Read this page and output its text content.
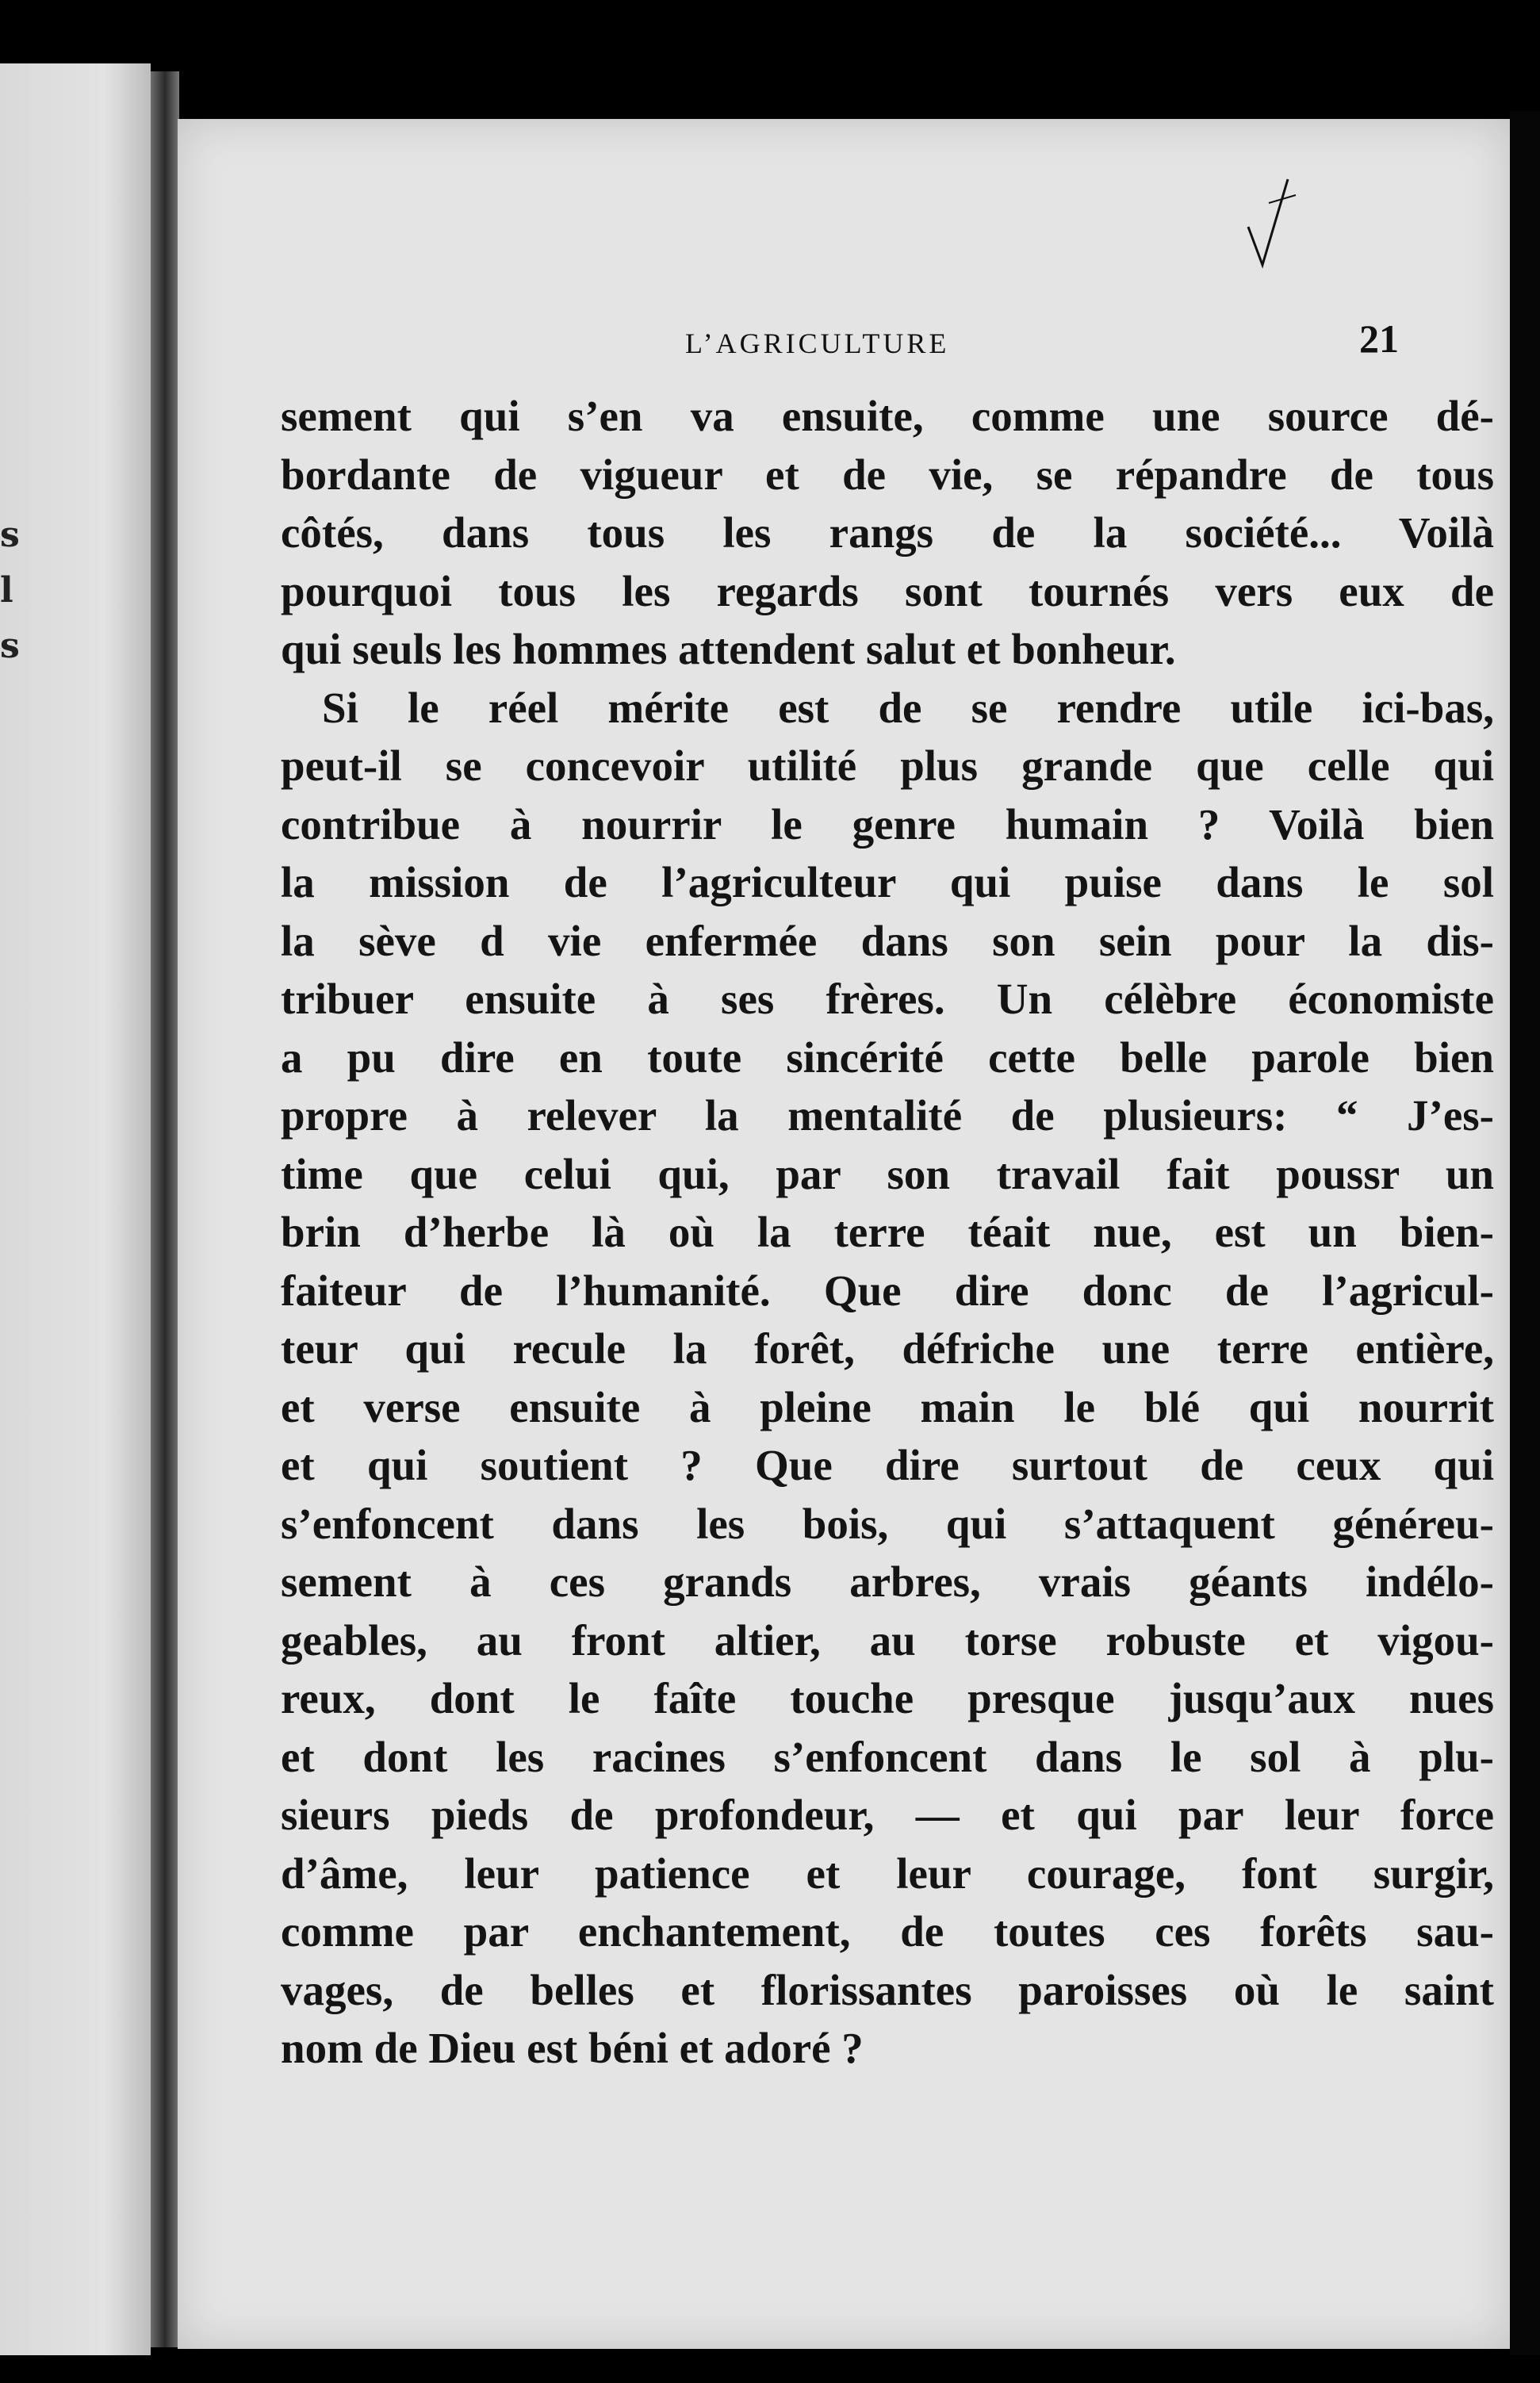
s
l
s
L’AGRICULTURE	21
sement qui s’en va ensuite, comme une source dé-
bordante de vigueur et de vie, se répandre de tous
côtés, dans tous les rangs de la société... Voilà
pourquoi tous les regards sont tournés vers eux de
qui seuls les hommes attendent salut et bonheur.
Si le réel mérite est de se rendre utile ici-bas,
peut-il se concevoir utilité plus grande que celle qui
contribue à nourrir le genre humain ? Voilà bien
la mission de l’agriculteur qui puise dans le sol
la sève d vie enfermée dans son sein pour la dis-
tribuer ensuite à ses frères. Un célèbre économiste
a pu dire en toute sincérité cette belle parole bien
propre à relever la mentalité de plusieurs: “ J’es-
time que celui qui, par son travail fait poussr un
brin d’herbe là où la terre téait nue, est un bien-
faiteur de l’humanité. Que dire donc de l’agricul-
teur qui recule la forêt, défriche une terre entière,
et verse ensuite à pleine main le blé qui nourrit
et qui soutient ? Que dire surtout de ceux qui
s’enfoncent dans les bois, qui s’attaquent généreu-
sement à ces grands arbres, vrais géants indélo-
geables, au front altier, au torse robuste et vigou-
reux, dont le faîte touche presque jusqu’aux nues
et dont les racines s’enfoncent dans le sol à plu-
sieurs pieds de profondeur, — et qui par leur force
d’âme, leur patience et leur courage, font surgir,
comme par enchantement, de toutes ces forêts sau-
vages, de belles et florissantes paroisses où le saint
nom de Dieu est béni et adoré ?
